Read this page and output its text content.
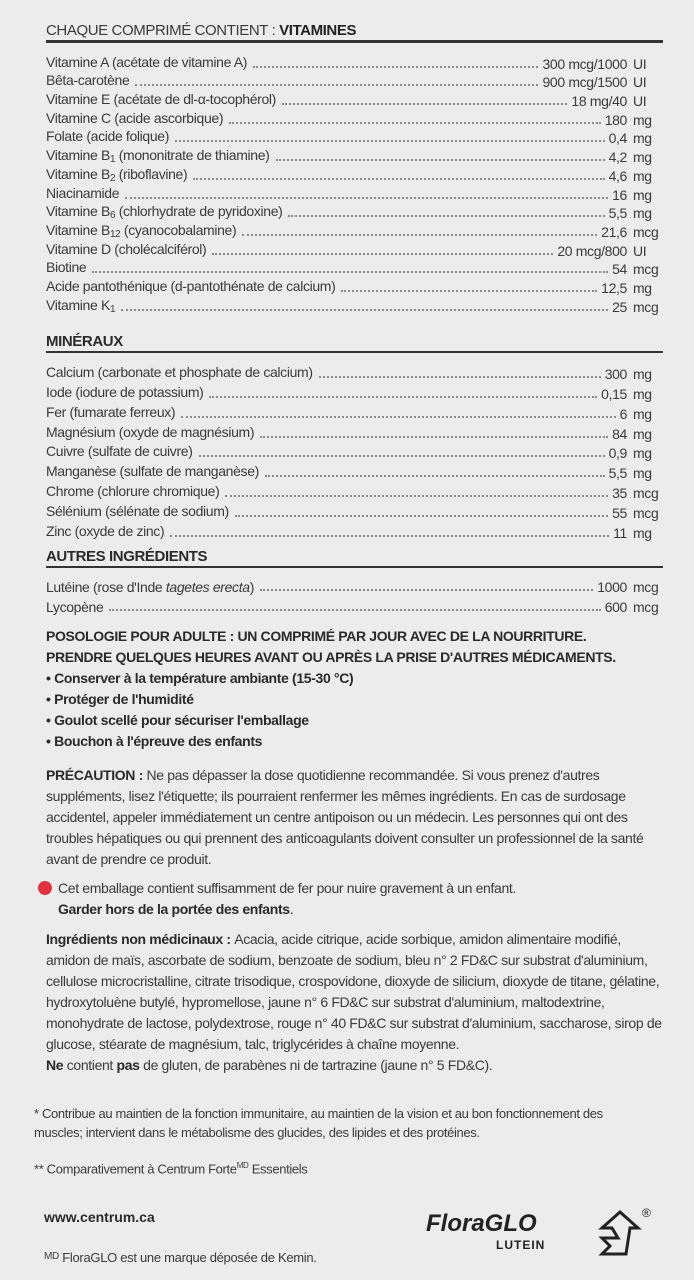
CHAQUE COMPRIMÉ CONTIENT : VITAMINES
Vitamine A (acétate de vitamine A)	300 mcg/1000 UI
Bêta-carotène	900 mcg/1500 UI
Vitamine E (acétate de dl-α-tocophérol)	18 mg/40 UI
Vitamine C (acide ascorbique)	180 mg
Folate (acide folique)	0,4 mg
Vitamine $B_1$ (mononitrate de thiamine)	4,2 mg
Vitamine $B_2$ (riboflavine)	4,6 mg
Niacinamide	16 mg
Vitamine $B_6$ (chlorhydrate de pyridoxine)	5,5 mg
Vitamine $B_{12}$ (cyanocobalamine)	21,6 mcg
Vitamine D (cholécalciférol)	20 mcg/800 UI
Biotine	54 mcg
Acide pantothénique (d-pantothénate de calcium)	12,5 mg
Vitamine $K_1$	25 mcg
MINÉRAUX
Calcium (carbonate et phosphate de calcium)	300 mg
Iode (iodure de potassium)	0,15 mg
Fer (fumarate ferreux)	6 mg
Magnésium (oxyde de magnésium)	84 mg
Cuivre (sulfate de cuivre)	0,9 mg
Manganèse (sulfate de manganèse)	5,5 mg
Chrome (chlorure chromique)	35 mcg
Sélénium (sélénate de sodium)	55 mcg
Zinc (oxyde de zinc)	11 mg
AUTRES INGRÉDIENTS
Lutéine (rose d'Inde tagetes erecta)	1000 mcg
Lycopène	600 mcg
POSOLOGIE POUR ADULTE : UN COMPRIMÉ PAR JOUR AVEC DE LA NOURRITURE.
PRENDRE QUELQUES HEURES AVANT OU APRÈS LA PRISE D'AUTRES MÉDICAMENTS.
• Conserver à la température ambiante (15-30 °C)
• Protéger de l'humidité
• Goulot scellé pour sécuriser l'emballage
• Bouchon à l'épreuve des enfants
PRÉCAUTION : Ne pas dépasser la dose quotidienne recommandée. Si vous prenez d'autres suppléments, lisez l'étiquette; ils pourraient renfermer les mêmes ingrédients. En cas de surdosage accidentel, appeler immédiatement un centre antipoison ou un médecin. Les personnes qui ont des troubles hépatiques ou qui prennent des anticoagulants doivent consulter un professionnel de la santé avant de prendre ce produit.
Cet emballage contient suffisamment de fer pour nuire gravement à un enfant.
Garder hors de la portée des enfants.
Ingrédients non médicinaux : Acacia, acide citrique, acide sorbique, amidon alimentaire modifié, amidon de maïs, ascorbate de sodium, benzoate de sodium, bleu n° 2 FD&C sur substrat d'aluminium, cellulose microcristalline, citrate trisodique, crospovidone, dioxyde de silicium, dioxyde de titane, gélatine, hydroxytoluène butylé, hypromellose, jaune n° 6 FD&C sur substrat d'aluminium, maltodextrine, monohydrate de lactose, polydextrose, rouge n° 40 FD&C sur substrat d'aluminium, saccharose, sirop de glucose, stéarate de magnésium, talc, triglycérides à chaîne moyenne.
Ne contient pas de gluten, de parabènes ni de tartrazine (jaune n° 5 FD&C).
* Contribue au maintien de la fonction immunitaire, au maintien de la vision et au bon fonctionnement des muscles; intervient dans le métabolisme des glucides, des lipides et des protéines.
** Comparativement à Centrum Forte$^{MD}$ Essentiels
www.centrum.ca
$^{MD}$ FloraGLO est une marque déposée de Kemin.
FloraGLO
LUTEIN
®
